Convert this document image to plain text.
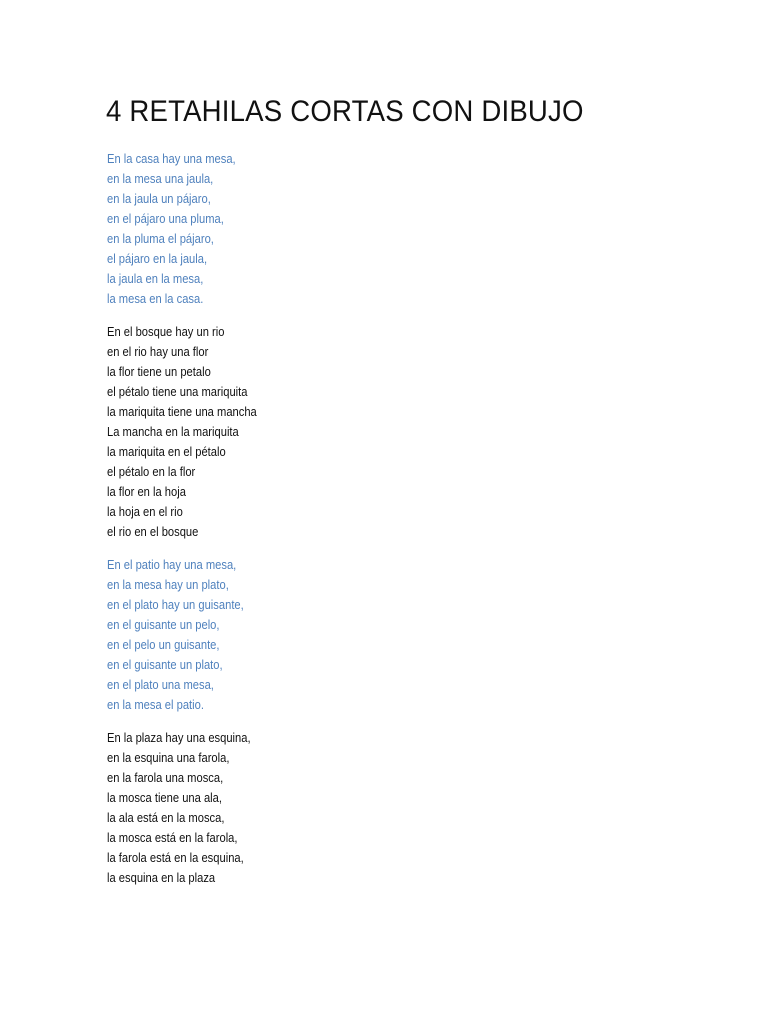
4 RETAHILAS CORTAS CON DIBUJO
En la casa hay una mesa,
en la mesa una jaula,
en la jaula un pájaro,
en el pájaro una pluma,
en la pluma el pájaro,
el pájaro en la jaula,
la jaula en la mesa,
la mesa en la casa.
En el bosque hay un rio
en el rio hay una flor
la flor tiene un petalo
el pétalo tiene una mariquita
la mariquita tiene una mancha
La mancha en la mariquita
la mariquita en el pétalo
el pétalo en la flor
la flor en la hoja
la hoja en el rio
el rio en el bosque
En el patio hay una mesa,
en la mesa hay un plato,
en el plato hay un guisante,
en el guisante un pelo,
en el pelo un guisante,
en el guisante un plato,
en el plato una mesa,
en la mesa el patio.
En la plaza hay una esquina,
en la esquina una farola,
en la farola una mosca,
la mosca tiene una ala,
la ala está en la mosca,
la mosca está en la farola,
la farola está en la esquina,
la esquina en la plaza
